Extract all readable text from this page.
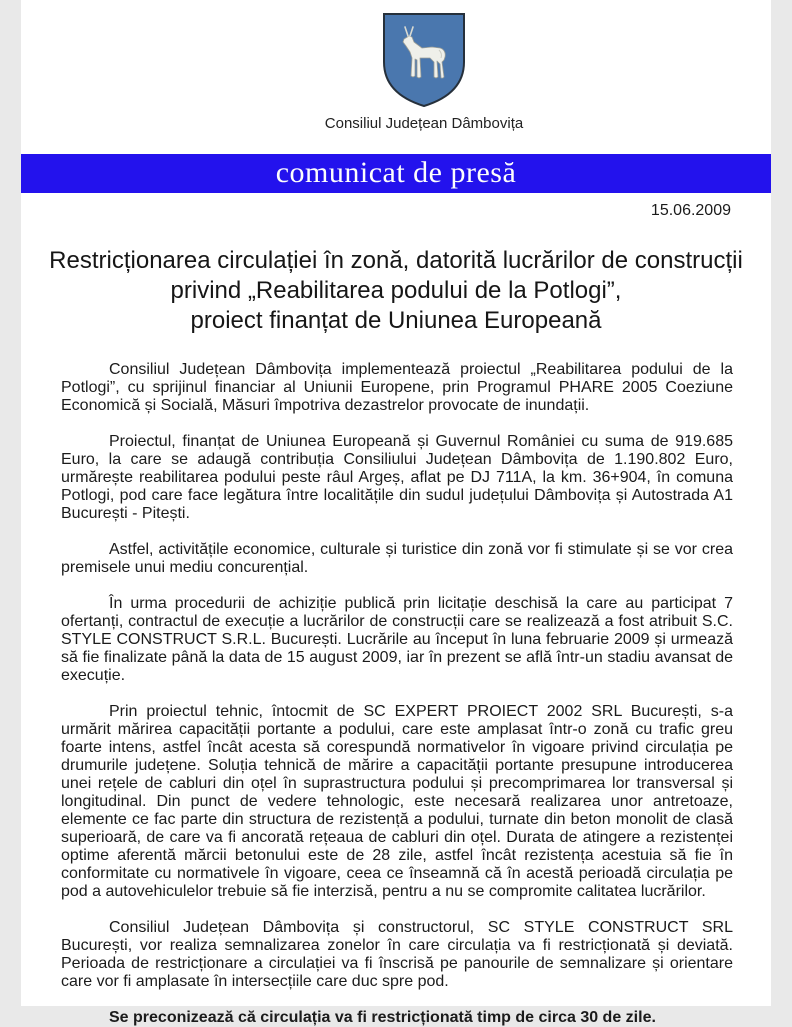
Consiliul Județean Dâmbovița
comunicat de presă
15.06.2009
Restricționarea circulației în zonă, datorită lucrărilor de construcții
privind „Reabilitarea podului de la Potlogi”,
proiect finanțat de Uniunea Europeană

Consiliul Județean Dâmbovița implementează proiectul „Reabilitarea podului de la Potlogi”, cu sprijinul financiar al Uniunii Europene, prin Programul PHARE 2005 Coeziune Economică și Socială, Măsuri împotriva dezastrelor provocate de inundații.

Proiectul, finanțat de Uniunea Europeană și Guvernul României cu suma de 919.685 Euro, la care se adaugă contribuția Consiliului Județean Dâmbovița de 1.190.802 Euro, urmărește reabilitarea podului peste râul Argeș, aflat pe DJ 711A, la km. 36+904, în comuna Potlogi, pod care face legătura între localitățile din sudul județului Dâmbovița și Autostrada A1 București - Pitești.

Astfel, activitățile economice, culturale și turistice din zonă vor fi stimulate și se vor crea premisele unui mediu concurențial.

În urma procedurii de achiziție publică prin licitație deschisă la care au participat 7 ofertanți, contractul de execuție a lucrărilor de construcții care se realizează a fost atribuit S.C. STYLE CONSTRUCT S.R.L. București. Lucrările au început în luna februarie 2009 și urmează să fie finalizate până la data de 15 august 2009, iar în prezent se află într-un stadiu avansat de execuție.

Prin proiectul tehnic, întocmit de SC EXPERT PROIECT 2002 SRL București, s-a urmărit mărirea capacității portante a podului, care este amplasat într-o zonă cu trafic greu foarte intens, astfel încât acesta să corespundă normativelor în vigoare privind circulația pe drumurile județene. Soluția tehnică de mărire a capacității portante presupune introducerea unei rețele de cabluri din oțel în suprastructura podului și precomprimarea lor transversal și longitudinal. Din punct de vedere tehnologic, este necesară realizarea unor antretoaze, elemente ce fac parte din structura de rezistență a podului, turnate din beton monolit de clasă superioară, de care va fi ancorată rețeaua de cabluri din oțel. Durata de atingere a rezistenței optime aferentă mărcii betonului este de 28 zile, astfel încât rezistența acestuia să fie în conformitate cu normativele în vigoare, ceea ce înseamnă că în acestă perioadă circulația pe pod a autovehiculelor trebuie să fie interzisă, pentru a nu se compromite calitatea lucrărilor.

Consiliul Județean Dâmbovița și constructorul, SC STYLE CONSTRUCT SRL București, vor realiza semnalizarea zonelor în care circulația va fi restricționată și deviată. Perioada de restricționare a circulației va fi înscrisă pe panourile de semnalizare și orientare care vor fi amplasate în intersecțiile care duc spre pod.

Se preconizează că circulația va fi restricționată timp de circa 30 de zile.
